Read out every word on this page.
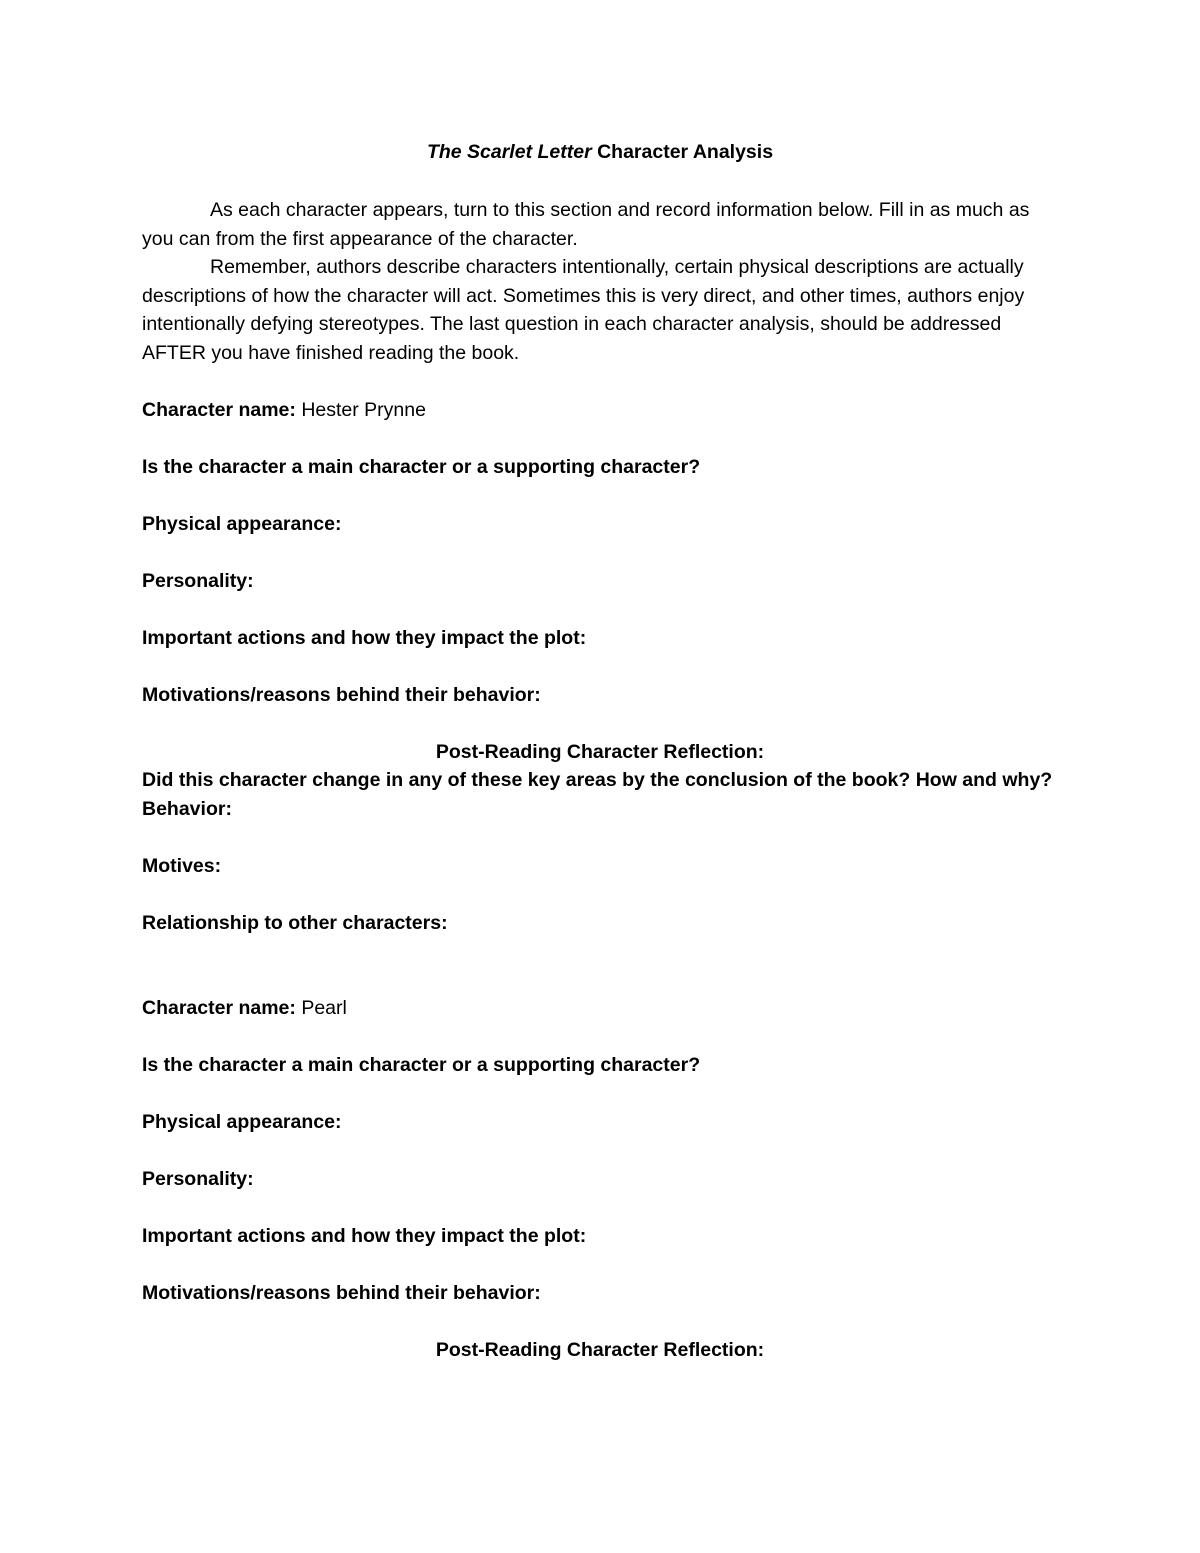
The Scarlet Letter Character Analysis

As each character appears, turn to this section and record information below. Fill in as much as you can from the first appearance of the character.

Remember, authors describe characters intentionally, certain physical descriptions are actually descriptions of how the character will act. Sometimes this is very direct, and other times, authors enjoy intentionally defying stereotypes. The last question in each character analysis, should be addressed AFTER you have finished reading the book.

Character name: Hester Prynne

Is the character a main character or a supporting character?

Physical appearance:

Personality:

Important actions and how they impact the plot:

Motivations/reasons behind their behavior:

Post-Reading Character Reflection:

Did this character change in any of these key areas by the conclusion of the book? How and why?

Behavior:

Motives:

Relationship to other characters:

Character name: Pearl

Is the character a main character or a supporting character?

Physical appearance:

Personality:

Important actions and how they impact the plot:

Motivations/reasons behind their behavior:

Post-Reading Character Reflection:
